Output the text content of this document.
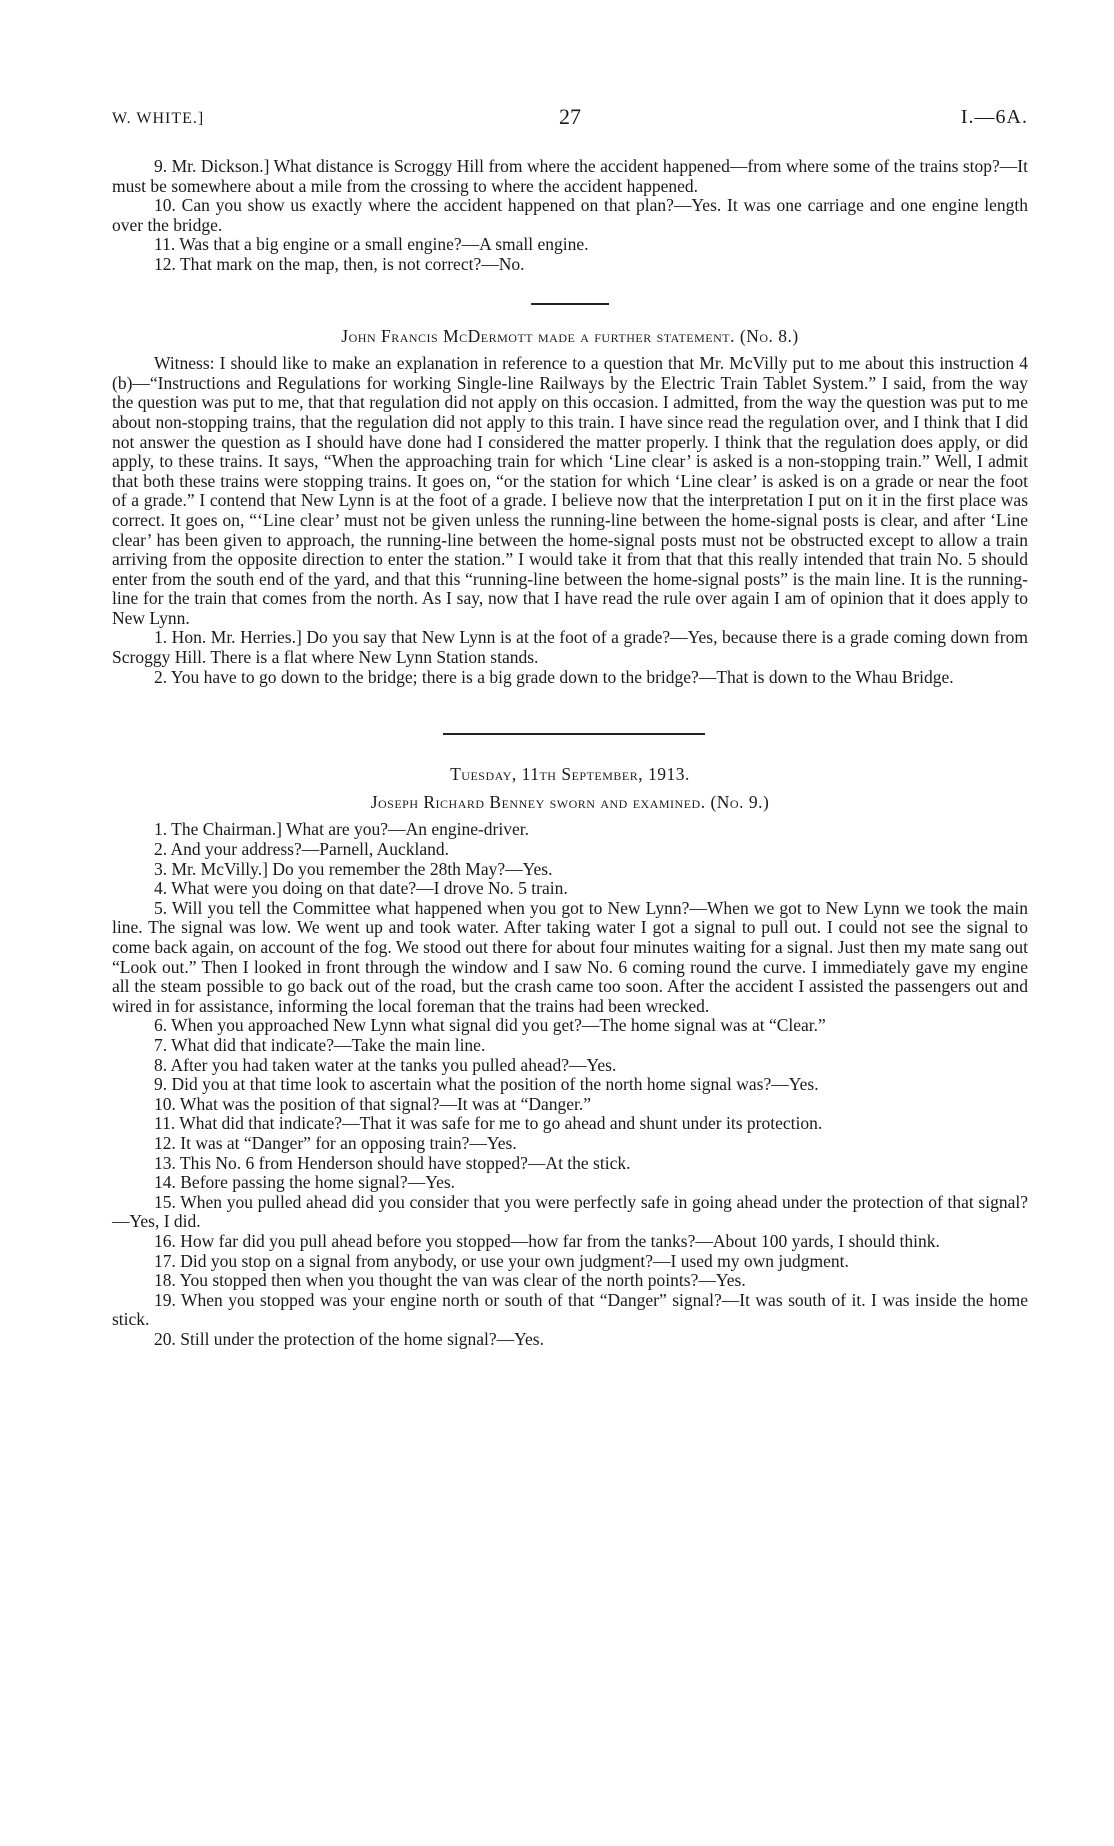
W. WHITE.]	27	I.—6A.

9. Mr. Dickson.] What distance is Scroggy Hill from where the accident happened—from where some of the trains stop?—It must be somewhere about a mile from the crossing to where the accident happened.

10. Can you show us exactly where the accident happened on that plan?—Yes. It was one carriage and one engine length over the bridge.

11. Was that a big engine or a small engine?—A small engine.

12. That mark on the map, then, is not correct?—No.

John Francis McDermott made a further statement. (No. 8.)

Witness: I should like to make an explanation in reference to a question that Mr. McVilly put to me about this instruction 4 (b)—“Instructions and Regulations for working Single-line Railways by the Electric Train Tablet System.” I said, from the way the question was put to me, that that regulation did not apply on this occasion. I admitted, from the way the question was put to me about non-stopping trains, that the regulation did not apply to this train. I have since read the regulation over, and I think that I did not answer the question as I should have done had I considered the matter properly. I think that the regulation does apply, or did apply, to these trains. It says, “When the approaching train for which ‘Line clear’ is asked is a non-stopping train.” Well, I admit that both these trains were stopping trains. It goes on, “or the station for which ‘Line clear’ is asked is on a grade or near the foot of a grade.” I contend that New Lynn is at the foot of a grade. I believe now that the interpretation I put on it in the first place was correct. It goes on, “‘Line clear’ must not be given unless the running-line between the home-signal posts is clear, and after ‘Line clear’ has been given to approach, the running-line between the home-signal posts must not be obstructed except to allow a train arriving from the opposite direction to enter the station.” I would take it from that that this really intended that train No. 5 should enter from the south end of the yard, and that this “running-line between the home-signal posts” is the main line. It is the running-line for the train that comes from the north. As I say, now that I have read the rule over again I am of opinion that it does apply to New Lynn.

1. Hon. Mr. Herries.] Do you say that New Lynn is at the foot of a grade?—Yes, because there is a grade coming down from Scroggy Hill. There is a flat where New Lynn Station stands.

2. You have to go down to the bridge; there is a big grade down to the bridge?—That is down to the Whau Bridge.

Tuesday, 11th September, 1913.

Joseph Richard Benney sworn and examined. (No. 9.)

1. The Chairman.] What are you?—An engine-driver.

2. And your address?—Parnell, Auckland.

3. Mr. McVilly.] Do you remember the 28th May?—Yes.

4. What were you doing on that date?—I drove No. 5 train.

5. Will you tell the Committee what happened when you got to New Lynn?—When we got to New Lynn we took the main line. The signal was low. We went up and took water. After taking water I got a signal to pull out. I could not see the signal to come back again, on account of the fog. We stood out there for about four minutes waiting for a signal. Just then my mate sang out “Look out.” Then I looked in front through the window and I saw No. 6 coming round the curve. I immediately gave my engine all the steam possible to go back out of the road, but the crash came too soon. After the accident I assisted the passengers out and wired in for assistance, informing the local foreman that the trains had been wrecked.

6. When you approached New Lynn what signal did you get?—The home signal was at “Clear.”

7. What did that indicate?—Take the main line.

8. After you had taken water at the tanks you pulled ahead?—Yes.

9. Did you at that time look to ascertain what the position of the north home signal was?—Yes.

10. What was the position of that signal?—It was at “Danger.”

11. What did that indicate?—That it was safe for me to go ahead and shunt under its protection.

12. It was at “Danger” for an opposing train?—Yes.

13. This No. 6 from Henderson should have stopped?—At the stick.

14. Before passing the home signal?—Yes.

15. When you pulled ahead did you consider that you were perfectly safe in going ahead under the protection of that signal?—Yes, I did.

16. How far did you pull ahead before you stopped—how far from the tanks?—About 100 yards, I should think.

17. Did you stop on a signal from anybody, or use your own judgment?—I used my own judgment.

18. You stopped then when you thought the van was clear of the north points?—Yes.

19. When you stopped was your engine north or south of that “Danger” signal?—It was south of it. I was inside the home stick.

20. Still under the protection of the home signal?—Yes.
